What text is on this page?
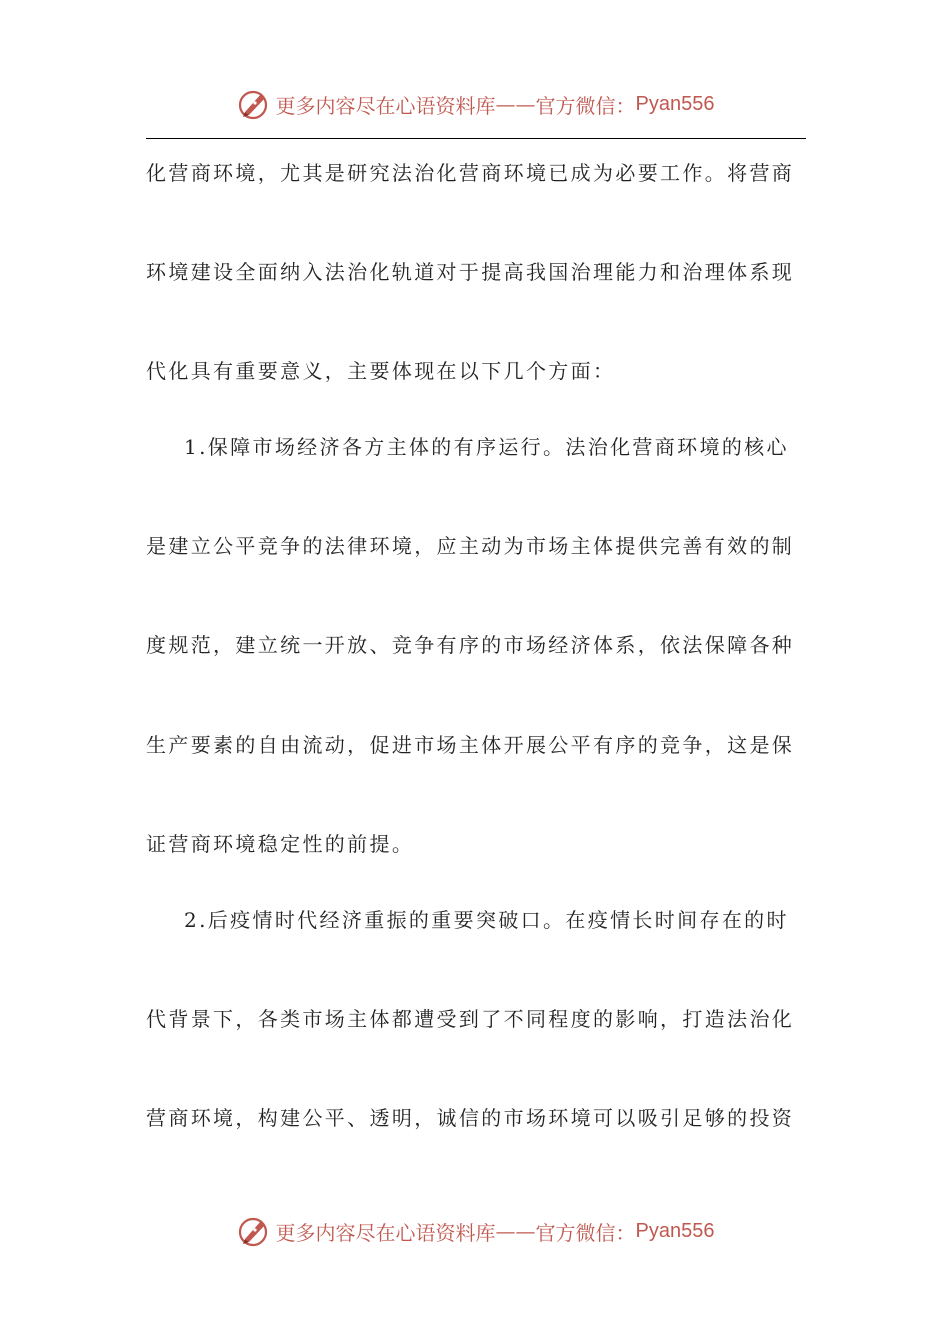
更多内容尽在心语资料库 —— 官方微信： Pyan556
化营商环境，尤其是研究法治化营商环境已成为必要工作。将营商
环境建设全面纳入法治化轨道对于提高我国治理能力和治理体系现
代化具有重要意义，主要体现在以下几个方面：
1.保障市场经济各方主体的有序运行。法治化营商环境的核心
是建立公平竞争的法律环境，应主动为市场主体提供完善有效的制
度规范，建立统一开放、竞争有序的市场经济体系，依法保障各种
生产要素的自由流动，促进市场主体开展公平有序的竞争，这是保
证营商环境稳定性的前提。
2.后疫情时代经济重振的重要突破口。在疫情长时间存在的时
代背景下，各类市场主体都遭受到了不同程度的影响，打造法治化
营商环境，构建公平、透明，诚信的市场环境可以吸引足够的投资
更多内容尽在心语资料库 —— 官方微信： Pyan556
